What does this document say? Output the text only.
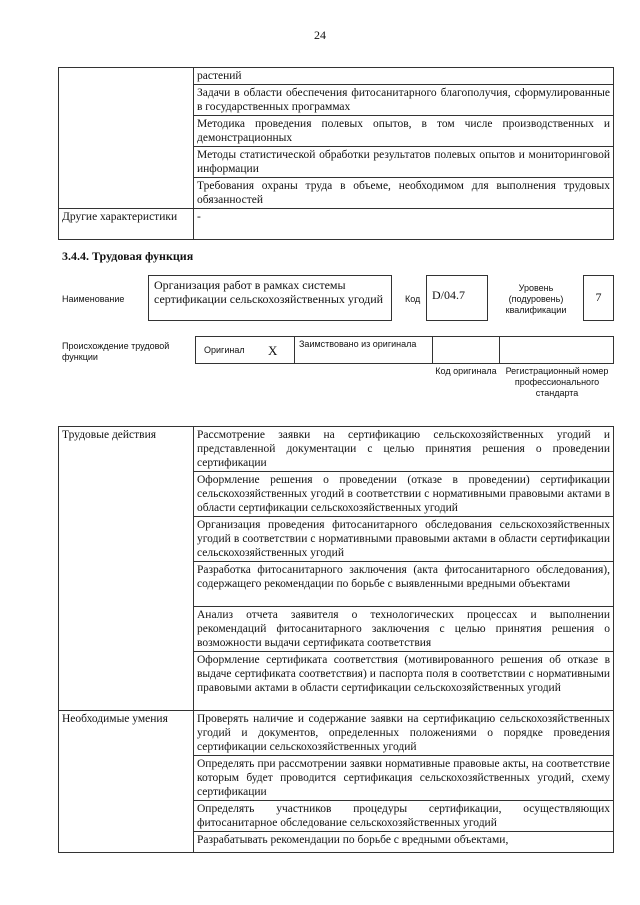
24
	растений
	Задачи в области обеспечения фитосанитарного благополучия, сформулированные в государственных программах
	Методика проведения полевых опытов, в том числе производственных и демонстрационных
	Методы статистической обработки результатов полевых опытов и мониторинговой информации
	Требования охраны труда в объеме, необходимом для выполнения трудовых обязанностей
Другие характеристики	-
3.4.4. Трудовая функция
Наименование
Организация работ в рамках системы сертификации сельскохозяйственных угодий	Код D/04.7	Уровень (подуровень) квалификации
7
Происхождение трудовой функции
Оригинал X	Заимствовано из оригинала
Код оригинала Регистрационный номер профессионального стандарта
Трудовые действия	Рассмотрение заявки на сертификацию сельскохозяйственных угодий и представленной документации с целью принятия решения о проведении сертификации
	Оформление решения о проведении (отказе в проведении) сертификации сельскохозяйственных угодий в соответствии с нормативными правовыми актами в области сертификации сельскохозяйственных угодий
	Организация проведения фитосанитарного обследования сельскохозяйственных угодий в соответствии с нормативными правовыми актами в области сертификации сельскохозяйственных угодий
	Разработка фитосанитарного заключения (акта фитосанитарного обследования), содержащего рекомендации по борьбе с выявленными вредными объектами
	Анализ отчета заявителя о технологических процессах и выполнении рекомендаций фитосанитарного заключения с целью принятия решения о возможности выдачи сертификата соответствия
	Оформление сертификата соответствия (мотивированного решения об отказе в выдаче сертификата соответствия) и паспорта поля в соответствии с нормативными правовыми актами в области сертификации сельскохозяйственных угодий
Необходимые умения	Проверять наличие и содержание заявки на сертификацию сельскохозяйственных угодий и документов, определенных положениями о порядке проведения сертификации сельскохозяйственных угодий
	Определять при рассмотрении заявки нормативные правовые акты, на соответствие которым будет проводится сертификация сельскохозяйственных угодий, схему сертификации
	Определять участников процедуры сертификации, осуществляющих фитосанитарное обследование сельскохозяйственных угодий
	Разрабатывать рекомендации по борьбе с вредными объектами,
